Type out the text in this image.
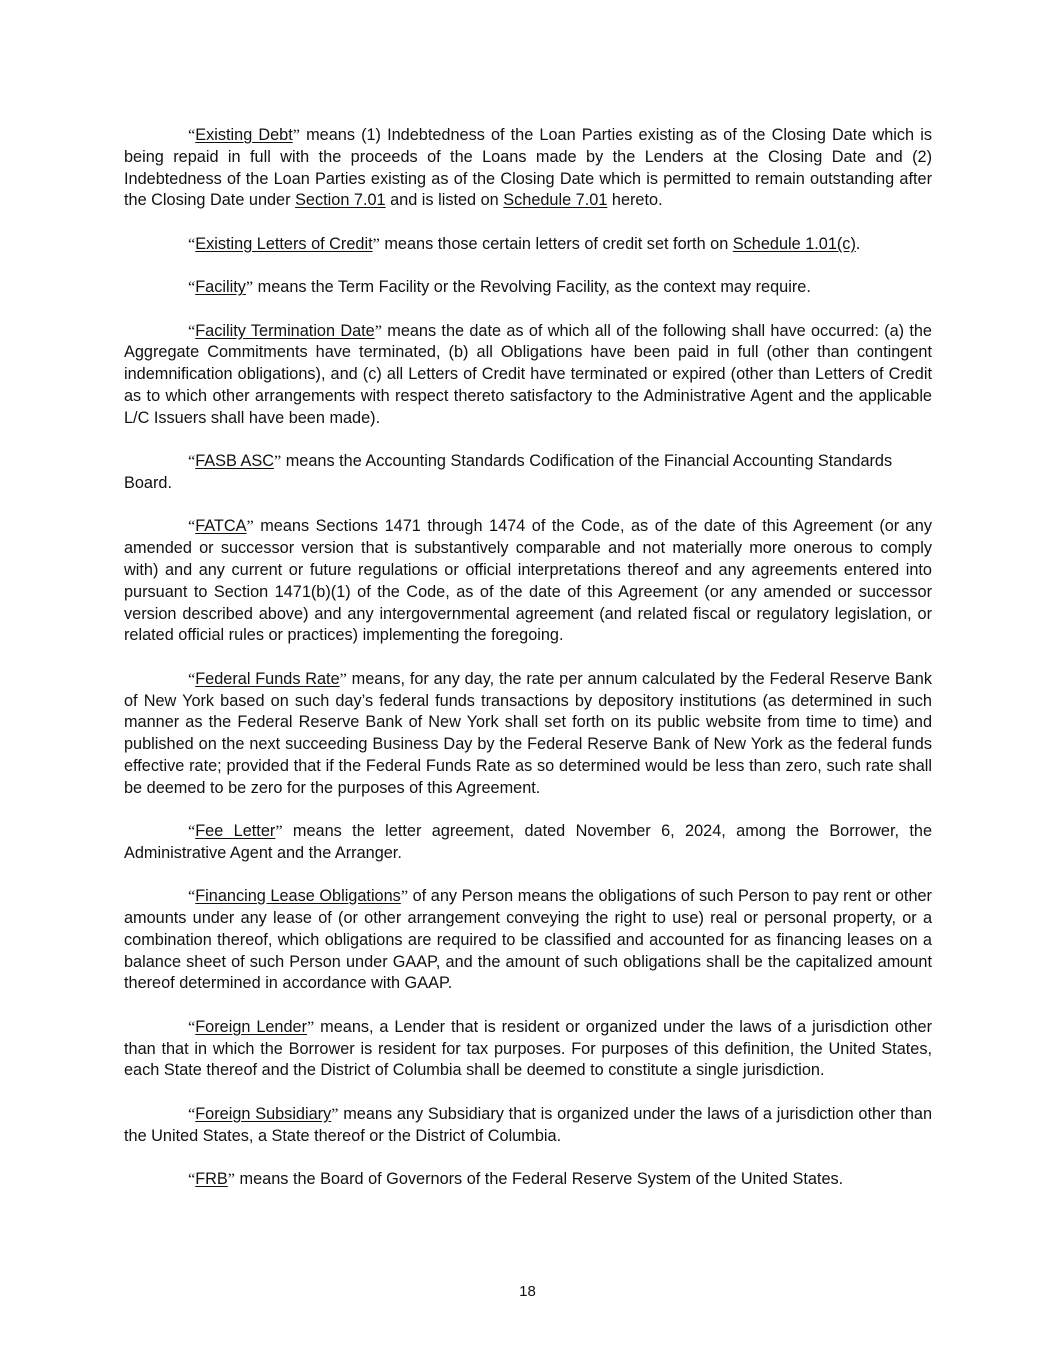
“Existing Debt” means (1) Indebtedness of the Loan Parties existing as of the Closing Date which is being repaid in full with the proceeds of the Loans made by the Lenders at the Closing Date and (2) Indebtedness of the Loan Parties existing as of the Closing Date which is permitted to remain outstanding after the Closing Date under Section 7.01 and is listed on Schedule 7.01 hereto.

“Existing Letters of Credit” means those certain letters of credit set forth on Schedule 1.01(c).

“Facility” means the Term Facility or the Revolving Facility, as the context may require.

“Facility Termination Date” means the date as of which all of the following shall have occurred: (a) the Aggregate Commitments have terminated, (b) all Obligations have been paid in full (other than contingent indemnification obligations), and (c) all Letters of Credit have terminated or expired (other than Letters of Credit as to which other arrangements with respect thereto satisfactory to the Administrative Agent and the applicable L/C Issuers shall have been made).

“FASB ASC” means the Accounting Standards Codification of the Financial Accounting Standards Board.

“FATCA” means Sections 1471 through 1474 of the Code, as of the date of this Agreement (or any amended or successor version that is substantively comparable and not materially more onerous to comply with) and any current or future regulations or official interpretations thereof and any agreements entered into pursuant to Section 1471(b)(1) of the Code, as of the date of this Agreement (or any amended or successor version described above) and any intergovernmental agreement (and related fiscal or regulatory legislation, or related official rules or practices) implementing the foregoing.

“Federal Funds Rate” means, for any day, the rate per annum calculated by the Federal Reserve Bank of New York based on such day’s federal funds transactions by depository institutions (as determined in such manner as the Federal Reserve Bank of New York shall set forth on its public website from time to time) and published on the next succeeding Business Day by the Federal Reserve Bank of New York as the federal funds effective rate; provided that if the Federal Funds Rate as so determined would be less than zero, such rate shall be deemed to be zero for the purposes of this Agreement.

“Fee Letter” means the letter agreement, dated November 6, 2024, among the Borrower, the Administrative Agent and the Arranger.

“Financing Lease Obligations” of any Person means the obligations of such Person to pay rent or other amounts under any lease of (or other arrangement conveying the right to use) real or personal property, or a combination thereof, which obligations are required to be classified and accounted for as financing leases on a balance sheet of such Person under GAAP, and the amount of such obligations shall be the capitalized amount thereof determined in accordance with GAAP.

“Foreign Lender” means, a Lender that is resident or organized under the laws of a jurisdiction other than that in which the Borrower is resident for tax purposes. For purposes of this definition, the United States, each State thereof and the District of Columbia shall be deemed to constitute a single jurisdiction.

“Foreign Subsidiary” means any Subsidiary that is organized under the laws of a jurisdiction other than the United States, a State thereof or the District of Columbia.

“FRB” means the Board of Governors of the Federal Reserve System of the United States.

18
